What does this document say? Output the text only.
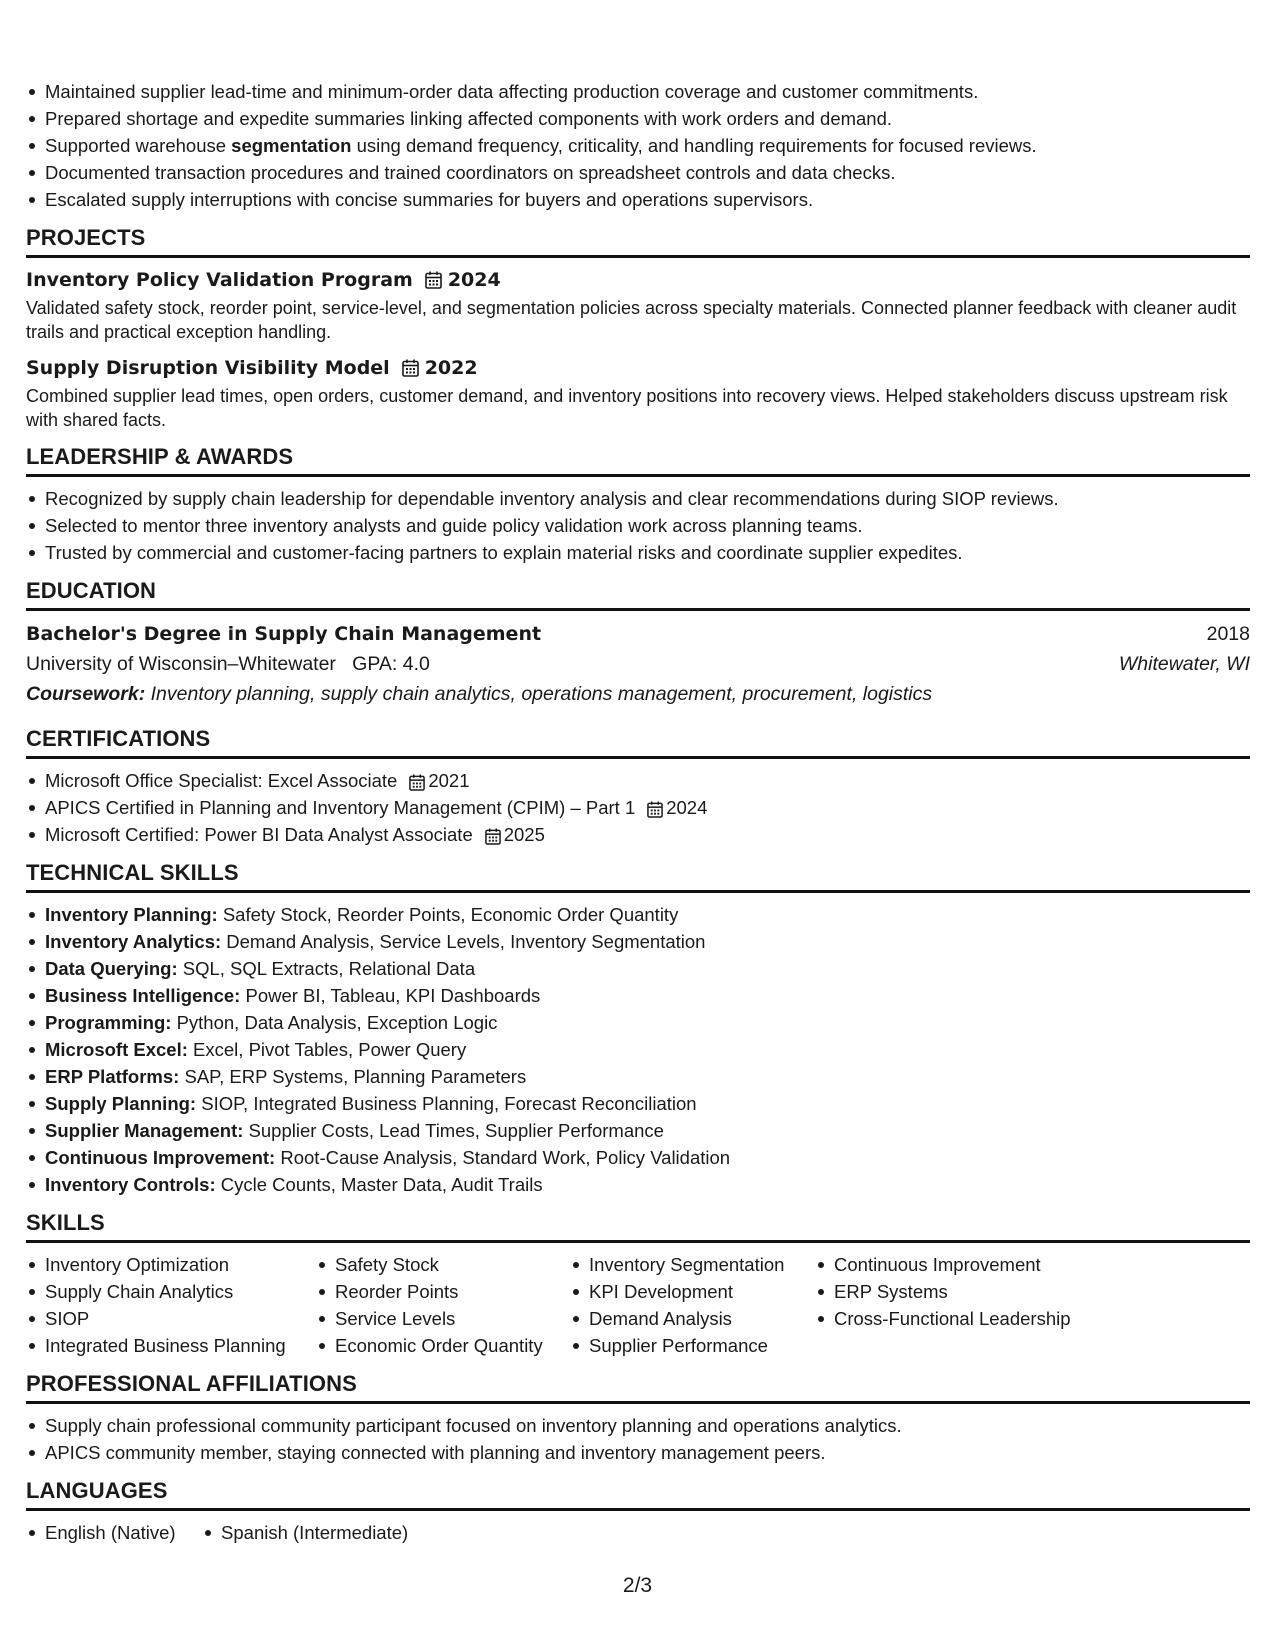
Maintained supplier lead-time and minimum-order data affecting production coverage and customer commitments.
Prepared shortage and expedite summaries linking affected components with work orders and demand.
Supported warehouse segmentation using demand frequency, criticality, and handling requirements for focused reviews.
Documented transaction procedures and trained coordinators on spreadsheet controls and data checks.
Escalated supply interruptions with concise summaries for buyers and operations supervisors.
PROJECTS
Inventory Policy Validation Program 2024
Validated safety stock, reorder point, service-level, and segmentation policies across specialty materials. Connected planner feedback with cleaner audit trails and practical exception handling.
Supply Disruption Visibility Model 2022
Combined supplier lead times, open orders, customer demand, and inventory positions into recovery views. Helped stakeholders discuss upstream risk with shared facts.
LEADERSHIP & AWARDS
Recognized by supply chain leadership for dependable inventory analysis and clear recommendations during SIOP reviews.
Selected to mentor three inventory analysts and guide policy validation work across planning teams.
Trusted by commercial and customer-facing partners to explain material risks and coordinate supplier expedites.
EDUCATION
Bachelor's Degree in Supply Chain Management	2018
University of Wisconsin–Whitewater   GPA: 4.0	Whitewater, WI
Coursework: Inventory planning, supply chain analytics, operations management, procurement, logistics
CERTIFICATIONS
Microsoft Office Specialist: Excel Associate 2021
APICS Certified in Planning and Inventory Management (CPIM) – Part 1 2024
Microsoft Certified: Power BI Data Analyst Associate 2025
TECHNICAL SKILLS
Inventory Planning: Safety Stock, Reorder Points, Economic Order Quantity
Inventory Analytics: Demand Analysis, Service Levels, Inventory Segmentation
Data Querying: SQL, SQL Extracts, Relational Data
Business Intelligence: Power BI, Tableau, KPI Dashboards
Programming: Python, Data Analysis, Exception Logic
Microsoft Excel: Excel, Pivot Tables, Power Query
ERP Platforms: SAP, ERP Systems, Planning Parameters
Supply Planning: SIOP, Integrated Business Planning, Forecast Reconciliation
Supplier Management: Supplier Costs, Lead Times, Supplier Performance
Continuous Improvement: Root-Cause Analysis, Standard Work, Policy Validation
Inventory Controls: Cycle Counts, Master Data, Audit Trails
SKILLS
Inventory Optimization
Supply Chain Analytics
SIOP
Integrated Business Planning
Safety Stock
Reorder Points
Service Levels
Economic Order Quantity
Inventory Segmentation
KPI Development
Demand Analysis
Supplier Performance
Continuous Improvement
ERP Systems
Cross-Functional Leadership
PROFESSIONAL AFFILIATIONS
Supply chain professional community participant focused on inventory planning and operations analytics.
APICS community member, staying connected with planning and inventory management peers.
LANGUAGES
English (Native) Spanish (Intermediate)
2/3
